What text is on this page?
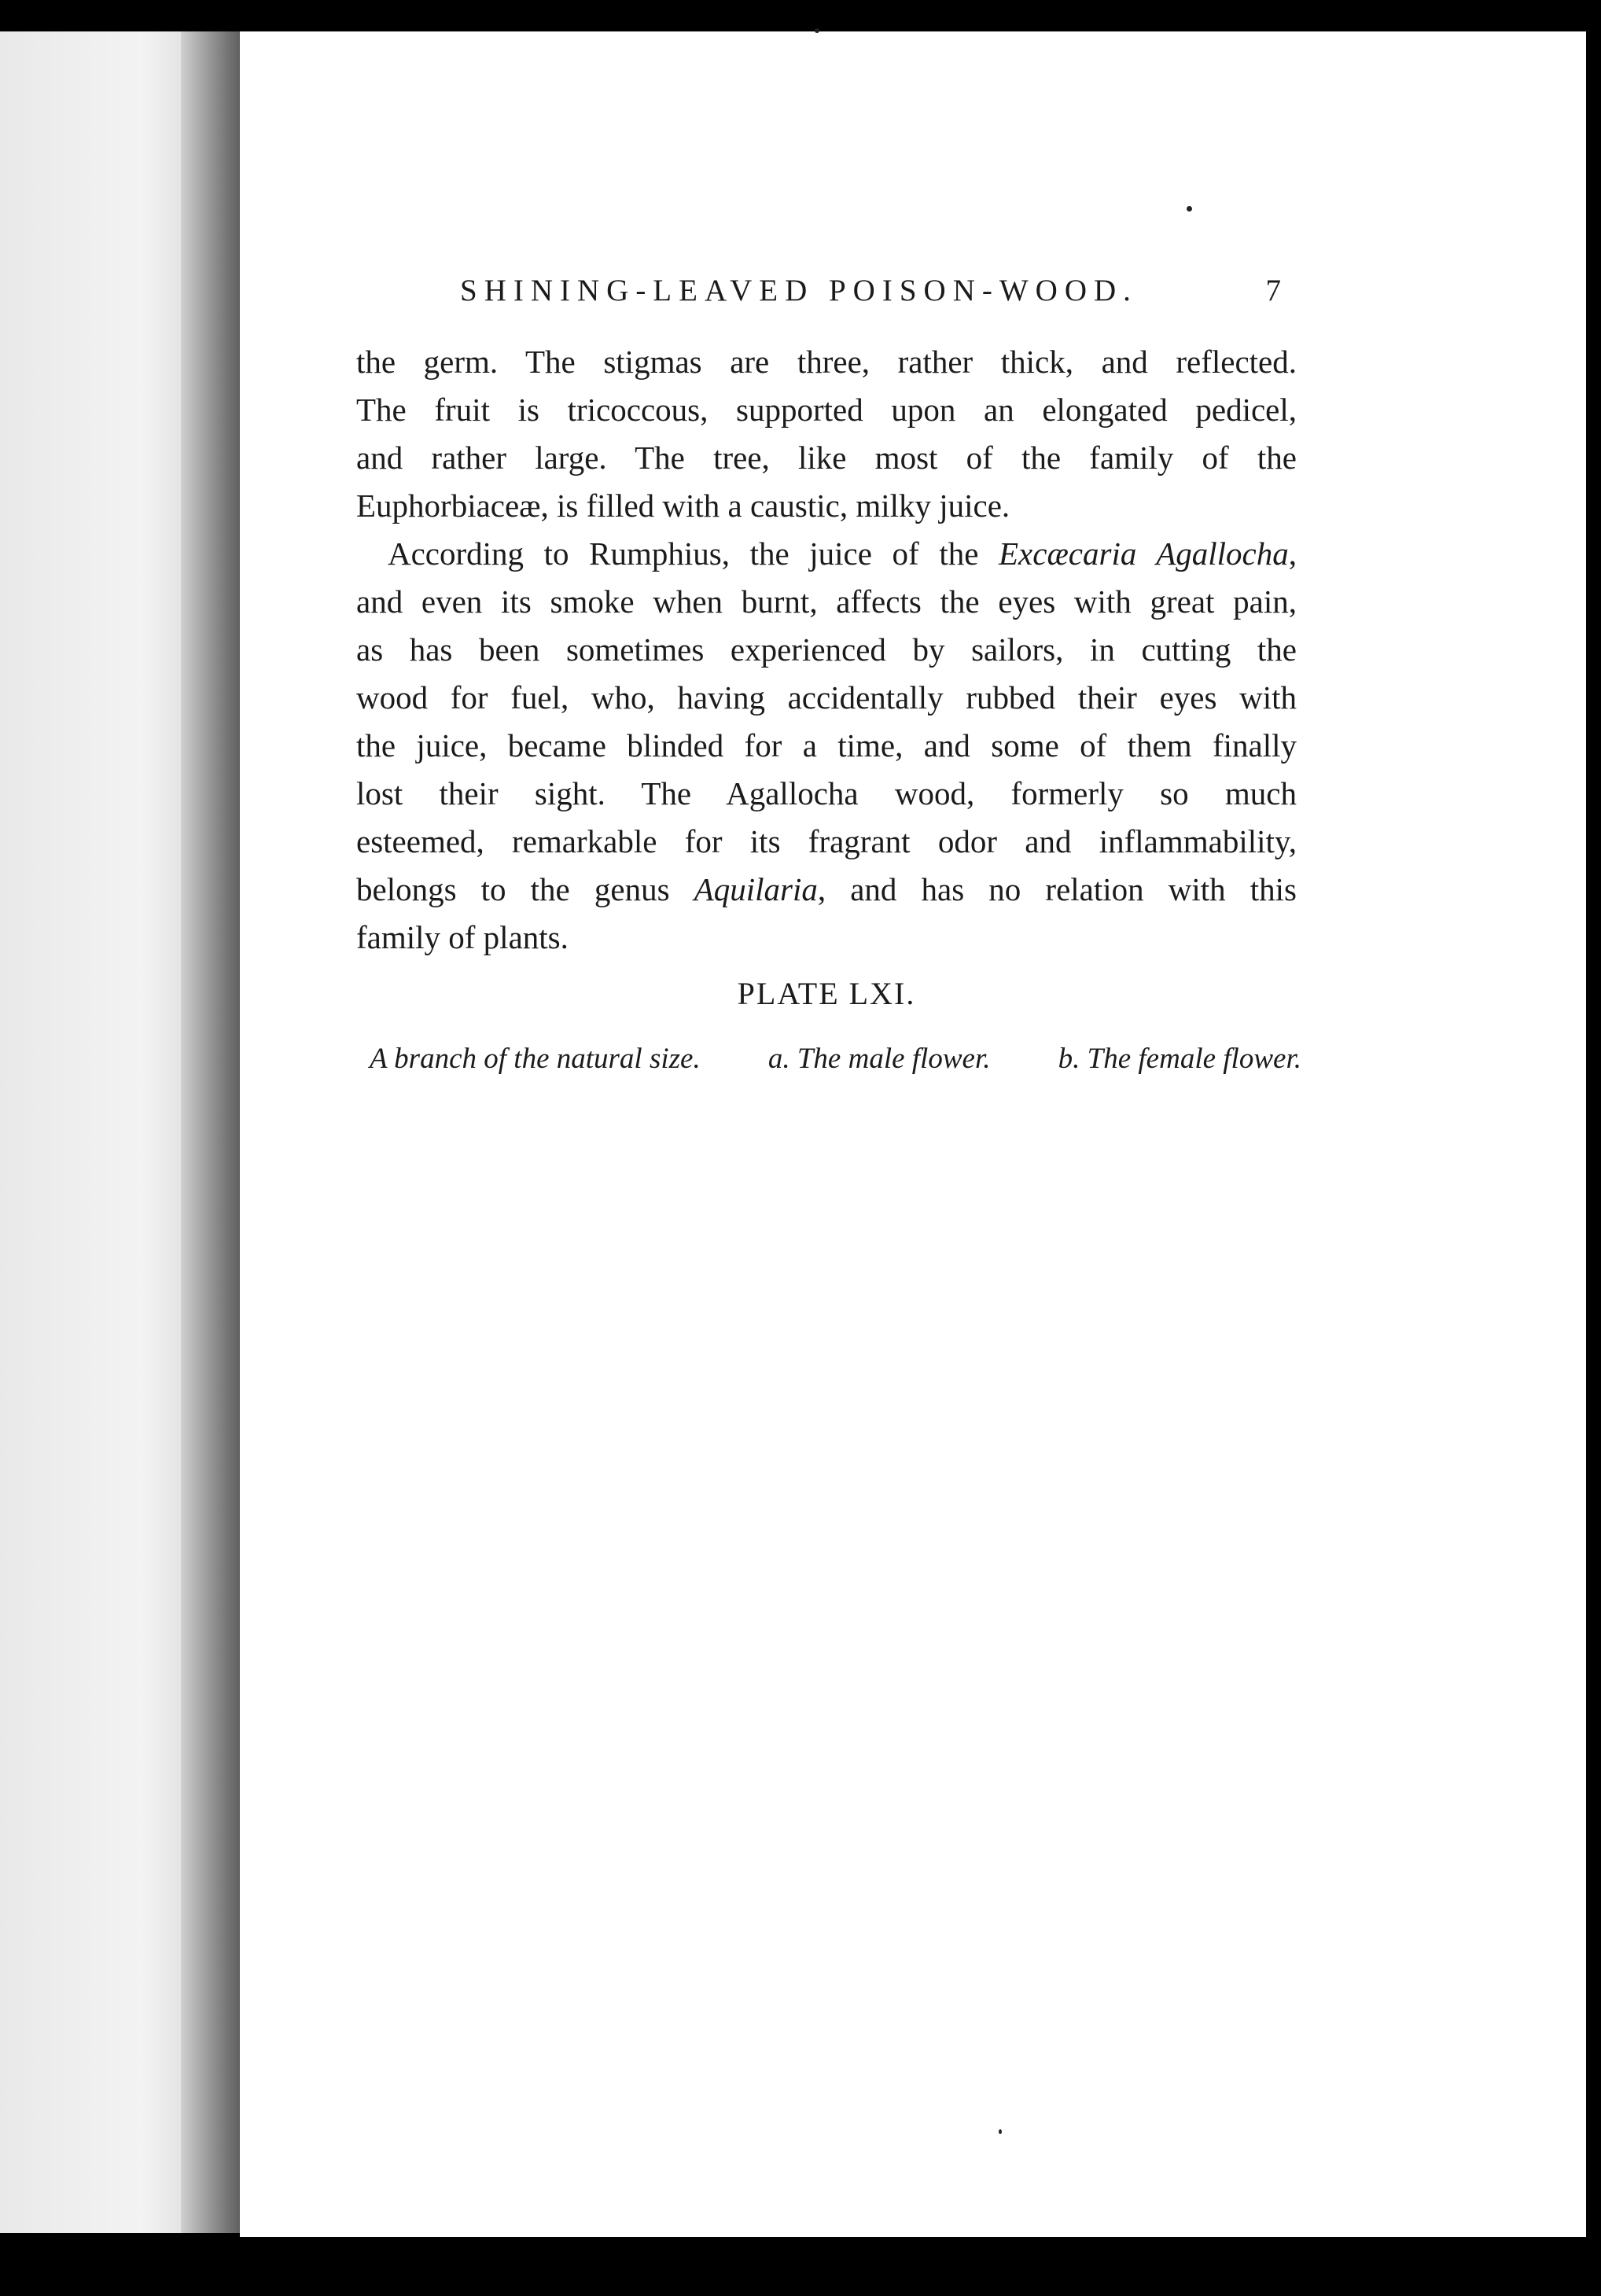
SHINING-LEAVED POISON-WOOD.	7
the germ. The stigmas are three, rather thick, and reflected.
The fruit is tricoccous, supported upon an elongated pedicel,
and rather large. The tree, like most of the family of the
Euphorbiaceæ, is filled with a caustic, milky juice.
According to Rumphius, the juice of the Excæcaria Agallocha,
and even its smoke when burnt, affects the eyes with great pain,
as has been sometimes experienced by sailors, in cutting the
wood for fuel, who, having accidentally rubbed their eyes with
the juice, became blinded for a time, and some of them finally
lost their sight. The Agallocha wood, formerly so much
esteemed, remarkable for its fragrant odor and inflammability,
belongs to the genus Aquilaria, and has no relation with this
family of plants.
PLATE LXI.
A branch of the natural size. a. The male flower. b. The female flower.
